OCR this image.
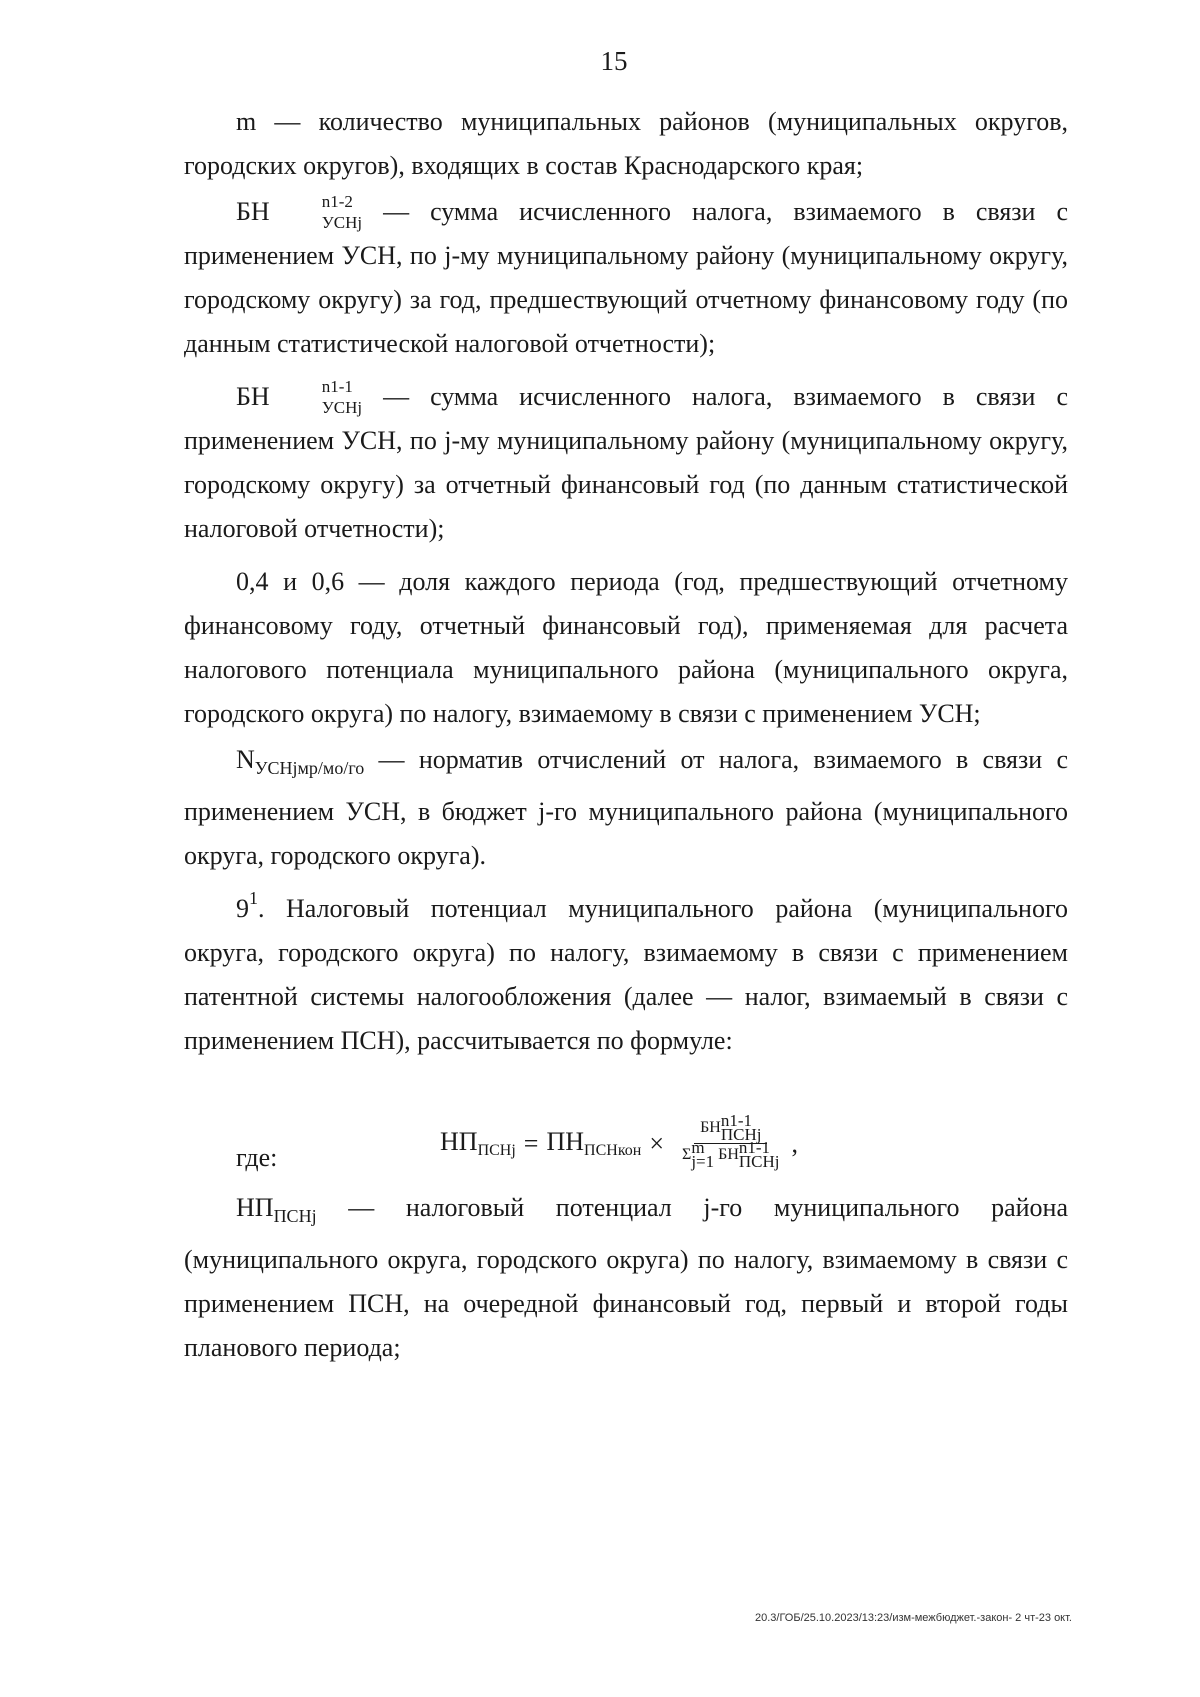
15

m — количество муниципальных районов (муниципальных округов, городских округов), входящих в состав Краснодарского края;

БН	n1-2
УСНj — сумма исчисленного налога, взимаемого в связи с применением УСН, по j-му муниципальному району (муниципальному округу, городскому округу) за год, предшествующий отчетному финансовому году (по данным статистической налоговой отчетности);

БН	n1-1
УСНj — сумма исчисленного налога, взимаемого в связи с применением УСН, по j-му муниципальному району (муниципальному округу, городскому округу) за отчетный финансовый год (по данным статистической налоговой отчетности);

0,4 и 0,6 — доля каждого периода (год, предшествующий отчетному финансовому году, отчетный финансовый год), применяемая для расчета налогового потенциала муниципального района (муниципального округа, городского округа) по налогу, взимаемому в связи с применением УСН;

$N_{УСНjмр/мо/го}$ — норматив отчислений от налога, взимаемого в связи с применением УСН, в бюджет j-го муниципального района (муниципального округа, городского округа).

$9^1$. Налоговый потенциал муниципального района (муниципального округа, городского округа) по налогу, взимаемому в связи с применением патентной системы налогообложения (далее — налог, взимаемый в связи с применением ПСН), рассчитывается по формуле:

НППСНj = ПНПСНкон × БН n1-1
ПСНj
Σ m
j=1 БН n1-1
ПСНj ,

где:

$НП_{ПСНj}$ — налоговый потенциал j-го муниципального района (муниципального округа, городского округа) по налогу, взимаемому в связи с применением ПСН, на очередной финансовый год, первый и второй годы планового периода;

20.3/ГОБ/25.10.2023/13:23/изм-межбюджет.-закон- 2 чт-23 окт.
